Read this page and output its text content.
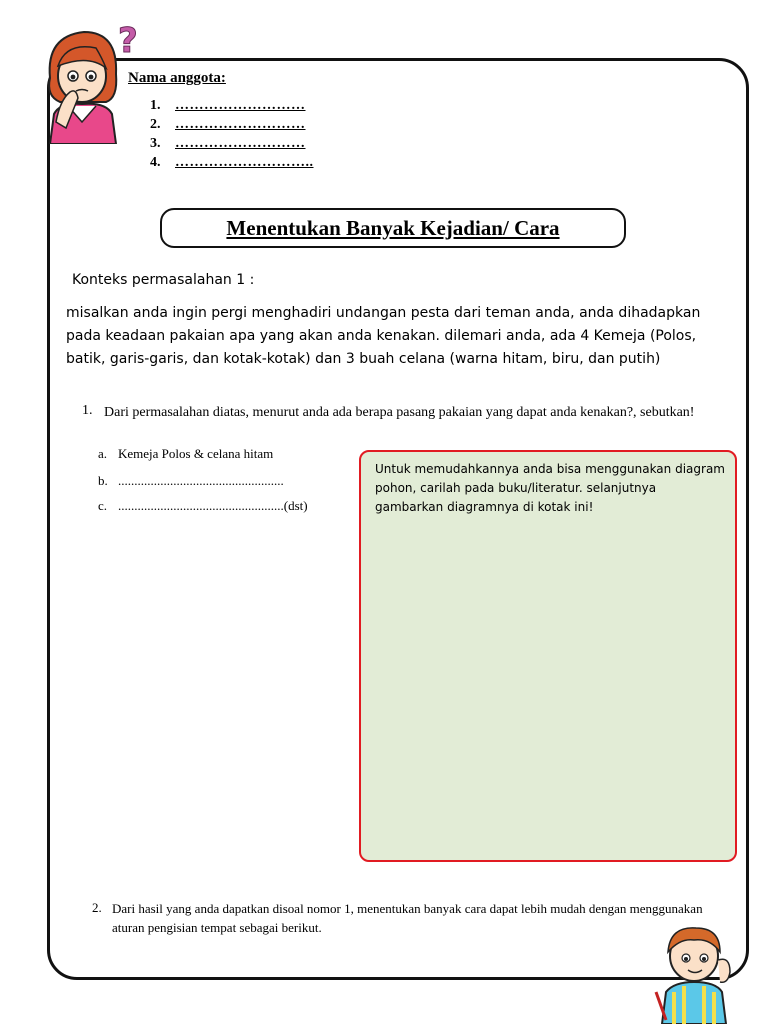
?
Nama anggota:
1.	………………………
2.	………………………
3.	………………………
4.	………………………..
Menentukan Banyak Kejadian/ Cara
Konteks permasalahan 1 :
misalkan anda ingin pergi menghadiri undangan pesta dari teman anda, anda dihadapkan pada keadaan pakaian apa yang akan anda kenakan. dilemari anda, ada 4 Kemeja (Polos, batik, garis-garis, dan kotak-kotak) dan 3 buah celana (warna hitam, biru, dan putih)
1. Dari permasalahan diatas, menurut anda ada berapa pasang pakaian yang dapat anda kenakan?, sebutkan!
a. Kemeja Polos & celana hitam
b. ...................................................
c. ...................................................(dst)
Untuk memudahkannya anda bisa menggunakan diagram pohon, carilah pada buku/literatur. selanjutnya gambarkan diagramnya di kotak ini!
2. Dari hasil yang anda dapatkan disoal nomor 1, menentukan banyak cara dapat lebih mudah dengan menggunakan aturan pengisian tempat sebagai berikut.
